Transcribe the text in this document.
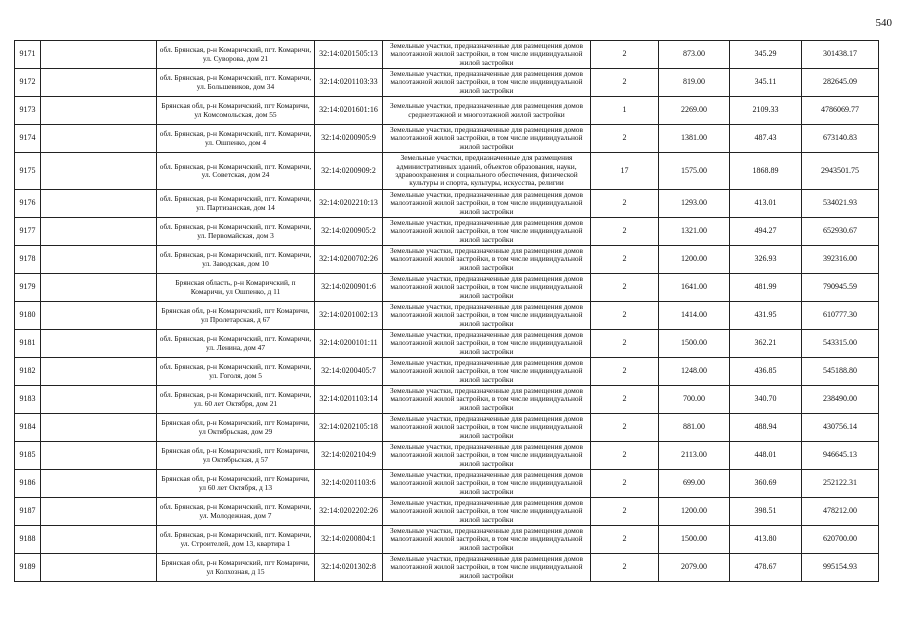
540
9171		обл. Брянская, р-н Комаричский, пгт. Комаричи, ул. Суворова, дом 21	32:14:0201505:13	Земельные участки, предназначенные для размещения домов малоэтажной жилой застройки, в том числе индивидуальной жилой застройки	2	873.00	345.29	301438.17
9172		обл. Брянская, р-н Комаричский, пгт. Комаричи, ул. Большевиков, дом 34	32:14:0201103:33	Земельные участки, предназначенные для размещения домов малоэтажной жилой застройки, в том числе индивидуальной жилой застройки	2	819.00	345.11	282645.09
9173		Брянская обл, р-н Комаричский, пгт Комаричи, ул Комсомольская, дом 55	32:14:0201601:16	Земельные участки, предназначенные для размещения домов среднеэтажной и многоэтажной жилой застройки	1	2269.00	2109.33	4786069.77
9174		обл. Брянская, р-н Комаричский, пгт. Комаричи, ул. Ошпенко, дом 4	32:14:0200905:9	Земельные участки, предназначенные для размещения домов малоэтажной жилой застройки, в том числе индивидуальной жилой застройки	2	1381.00	487.43	673140.83
9175		обл. Брянская, р-н Комаричский, пгт. Комаричи, ул. Советская, дом 24	32:14:0200909:2	Земельные участки, предназначенные для размещения административных зданий, объектов образования, науки, здравоохранения и социального обеспечения, физической культуры и спорта, культуры, искусства, религии	17	1575.00	1868.89	2943501.75
9176		обл. Брянская, р-н Комаричский, пгт. Комаричи, ул. Партизанская, дом 14	32:14:0202210:13	Земельные участки, предназначенные для размещения домов малоэтажной жилой застройки, в том числе индивидуальной жилой застройки	2	1293.00	413.01	534021.93
9177		обл. Брянская, р-н Комаричский, пгт. Комаричи, ул. Первомайская, дом 3	32:14:0200905:2	Земельные участки, предназначенные для размещения домов малоэтажной жилой застройки, в том числе индивидуальной жилой застройки	2	1321.00	494.27	652930.67
9178		обл. Брянская, р-н Комаричский, пгт. Комаричи, ул. Заводская, дом 10	32:14:0200702:26	Земельные участки, предназначенные для размещения домов малоэтажной жилой застройки, в том числе индивидуальной жилой застройки	2	1200.00	326.93	392316.00
9179		Брянская область, р-н Комаричский, п Комаричи, ул Ошпенко, д 11	32:14:0200901:6	Земельные участки, предназначенные для размещения домов малоэтажной жилой застройки, в том числе индивидуальной жилой застройки	2	1641.00	481.99	790945.59
9180		Брянская обл, р-н Комаричский, пгт Комаричи, ул Пролетарская, д 67	32:14:0201002:13	Земельные участки, предназначенные для размещения домов малоэтажной жилой застройки, в том числе индивидуальной жилой застройки	2	1414.00	431.95	610777.30
9181		обл. Брянская, р-н Комаричский, пгт. Комаричи, ул. Ленина, дом 47	32:14:0200101:11	Земельные участки, предназначенные для размещения домов малоэтажной жилой застройки, в том числе индивидуальной жилой застройки	2	1500.00	362.21	543315.00
9182		обл. Брянская, р-н Комаричский, пгт. Комаричи, ул. Гоголя, дом 5	32:14:0200405:7	Земельные участки, предназначенные для размещения домов малоэтажной жилой застройки, в том числе индивидуальной жилой застройки	2	1248.00	436.85	545188.80
9183		обл. Брянская, р-н Комаричский, пгт. Комаричи, ул. 60 лет Октября, дом 21	32:14:0201103:14	Земельные участки, предназначенные для размещения домов малоэтажной жилой застройки, в том числе индивидуальной жилой застройки	2	700.00	340.70	238490.00
9184		Брянская обл, р-н Комаричский, пгт Комаричи, ул Октябрьская, дом 29	32:14:0202105:18	Земельные участки, предназначенные для размещения домов малоэтажной жилой застройки, в том числе индивидуальной жилой застройки	2	881.00	488.94	430756.14
9185		Брянская обл, р-н Комаричский, пгт Комаричи, ул Октябрьская, д 57	32:14:0202104:9	Земельные участки, предназначенные для размещения домов малоэтажной жилой застройки, в том числе индивидуальной жилой застройки	2	2113.00	448.01	946645.13
9186		Брянская обл, р-н Комаричский, пгт Комаричи, ул 60 лет Октября, д 13	32:14:0201103:6	Земельные участки, предназначенные для размещения домов малоэтажной жилой застройки, в том числе индивидуальной жилой застройки	2	699.00	360.69	252122.31
9187		обл. Брянская, р-н Комаричский, пгт. Комаричи, ул. Молодежная, дом 7	32:14:0202202:26	Земельные участки, предназначенные для размещения домов малоэтажной жилой застройки, в том числе индивидуальной жилой застройки	2	1200.00	398.51	478212.00
9188		обл. Брянская, р-н Комаричский, пгт. Комаричи, ул. Строителей, дом 13, квартира 1	32:14:0200804:1	Земельные участки, предназначенные для размещения домов малоэтажной жилой застройки, в том числе индивидуальной жилой застройки	2	1500.00	413.80	620700.00
9189		Брянская обл, р-н Комаричский, пгт Комаричи, ул Колхозная, д 15	32:14:0201302:8	Земельные участки, предназначенные для размещения домов малоэтажной жилой застройки, в том числе индивидуальной жилой застройки	2	2079.00	478.67	995154.93
